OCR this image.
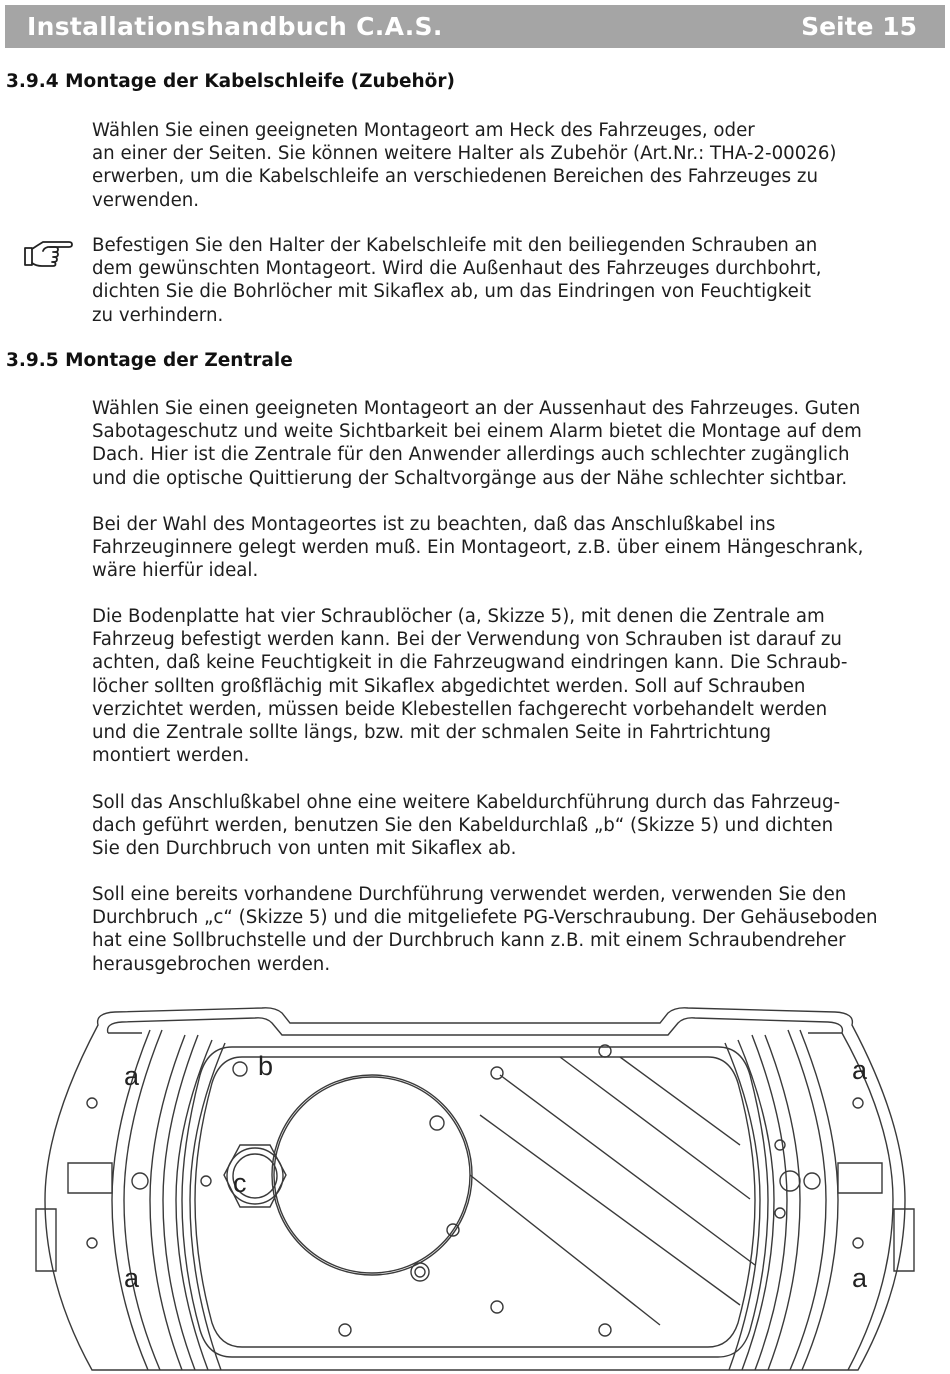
Installationshandbuch C.A.S.	Seite 15
3.9.4 Montage der Kabelschleife (Zubehör)
Wählen Sie einen geeigneten Montageort am Heck des Fahrzeuges, oder
an einer der Seiten. Sie können weitere Halter als Zubehör (Art.Nr.: THA-2-00026)
erwerben, um die Kabelschleife an verschiedenen Bereichen des Fahrzeuges zu
verwenden.
Befestigen Sie den Halter der Kabelschleife mit den beiliegenden Schrauben an
dem gewünschten Montageort. Wird die Außenhaut des Fahrzeuges durchbohrt,
dichten Sie die Bohrlöcher mit Sikaflex ab, um das Eindringen von Feuchtigkeit
zu verhindern.
3.9.5 Montage der Zentrale
Wählen Sie einen geeigneten Montageort an der Aussenhaut des Fahrzeuges. Guten
Sabotageschutz und weite Sichtbarkeit bei einem Alarm bietet die Montage auf dem
Dach. Hier ist die Zentrale für den Anwender allerdings auch schlechter zugänglich
und die optische Quittierung der Schaltvorgänge aus der Nähe schlechter sichtbar.
Bei der Wahl des Montageortes ist zu beachten, daß das Anschlußkabel ins
Fahrzeuginnere gelegt werden muß. Ein Montageort, z.B. über einem Hängeschrank,
wäre hierfür ideal.
Die Bodenplatte hat vier Schraublöcher (a, Skizze 5), mit denen die Zentrale am
Fahrzeug befestigt werden kann. Bei der Verwendung von Schrauben ist darauf zu
achten, daß keine Feuchtigkeit in die Fahrzeugwand eindringen kann. Die Schraub-
löcher sollten großflächig mit Sikaflex abgedichtet werden. Soll auf Schrauben
verzichtet werden, müssen beide Klebestellen fachgerecht vorbehandelt werden
und die Zentrale sollte längs, bzw. mit der schmalen Seite in Fahrtrichtung
montiert werden.
Soll das Anschlußkabel ohne eine weitere Kabeldurchführung durch das Fahrzeug-
dach geführt werden, benutzen Sie den Kabeldurchlaß „b“ (Skizze 5) und dichten
Sie den Durchbruch von unten mit Sikaflex ab.
Soll eine bereits vorhandene Durchführung verwendet werden, verwenden Sie den
Durchbruch „c“ (Skizze 5) und die mitgeliefete PG-Verschraubung. Der Gehäuseboden
hat eine Sollbruchstelle und der Durchbruch kann z.B. mit einem Schraubendreher
herausgebrochen werden.
a	b	a
c
a	a
